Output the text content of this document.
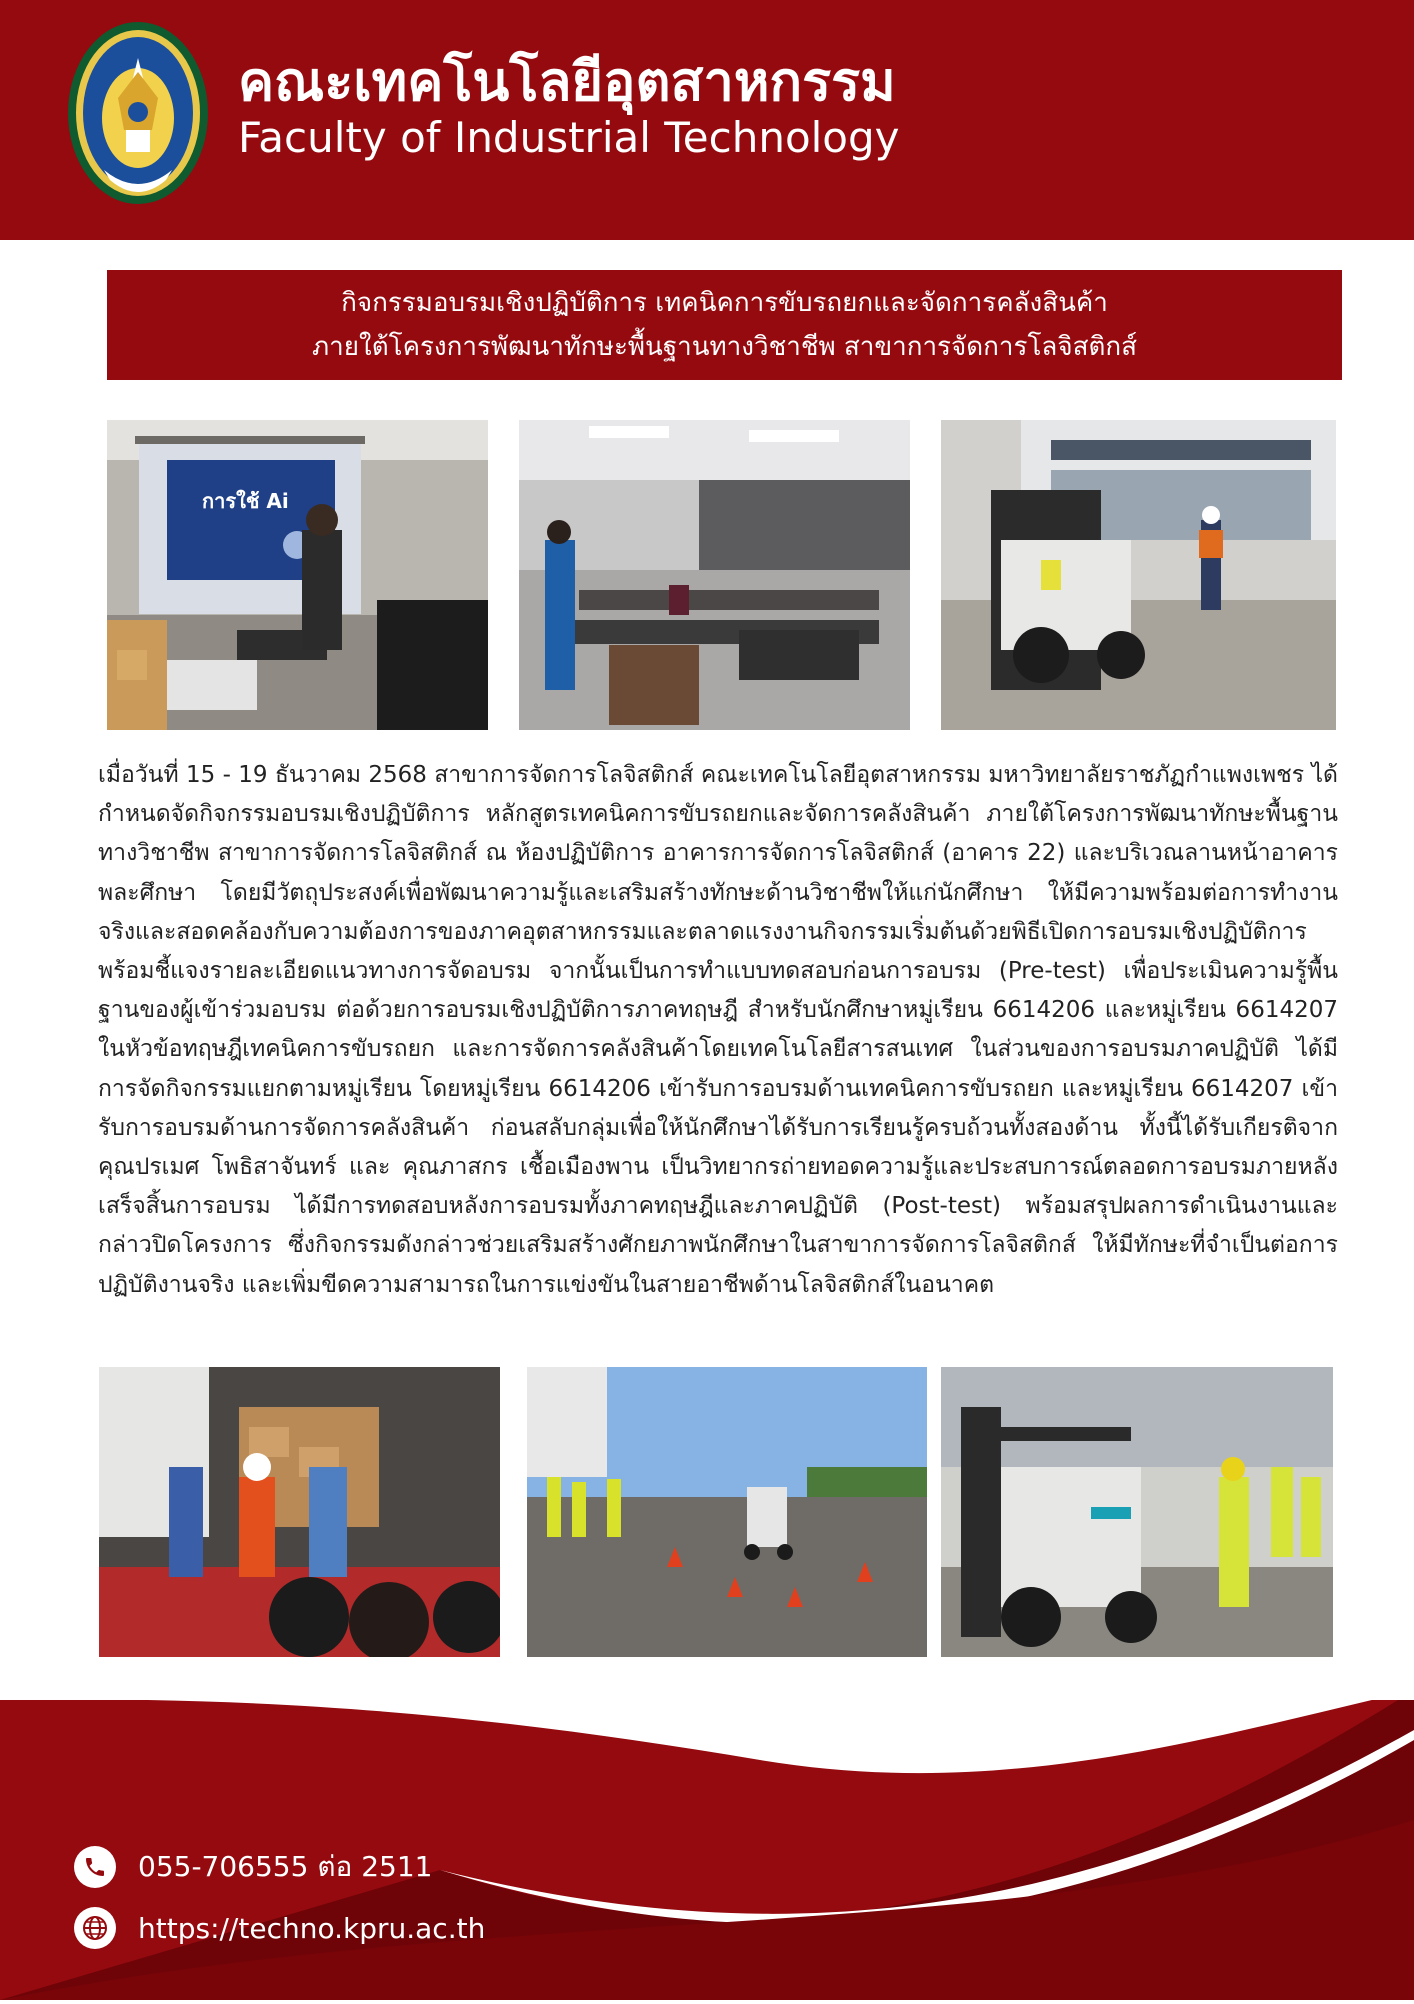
คณะเทคโนโลยีอุตสาหกรรม
Faculty of Industrial Technology
กิจกรรมอบรมเชิงปฏิบัติการ เทคนิคการขับรถยกและจัดการคลังสินค้า
ภายใต้โครงการพัฒนาทักษะพื้นฐานทางวิชาชีพ สาขาการจัดการโลจิสติกส์
การใช้ Ai
เมื่อวันที่ 15 - 19 ธันวาคม 2568 สาขาการจัดการโลจิสติกส์ คณะเทคโนโลยีอุตสาหกรรม มหาวิทยาลัยราชภัฏกำแพงเพชร ได้กำหนดจัดกิจกรรมอบรมเชิงปฏิบัติการ หลักสูตรเทคนิคการขับรถยกและจัดการคลังสินค้า ภายใต้โครงการพัฒนาทักษะพื้นฐานทางวิชาชีพ สาขาการจัดการโลจิสติกส์ ณ ห้องปฏิบัติการ อาคารการจัดการโลจิสติกส์ (อาคาร 22) และบริเวณลานหน้าอาคารพละศึกษา โดยมีวัตถุประสงค์เพื่อพัฒนาความรู้และเสริมสร้างทักษะด้านวิชาชีพให้แก่นักศึกษา ให้มีความพร้อมต่อการทำงานจริงและสอดคล้องกับความต้องการของภาคอุตสาหกรรมและตลาดแรงงานกิจกรรมเริ่มต้นด้วยพิธีเปิดการอบรมเชิงปฏิบัติการ พร้อมชี้แจงรายละเอียดแนวทางการจัดอบรม จากนั้นเป็นการทำแบบทดสอบก่อนการอบรม (Pre-test) เพื่อประเมินความรู้พื้นฐานของผู้เข้าร่วมอบรม ต่อด้วยการอบรมเชิงปฏิบัติการภาคทฤษฎี สำหรับนักศึกษาหมู่เรียน 6614206 และหมู่เรียน 6614207 ในหัวข้อทฤษฎีเทคนิคการขับรถยก และการจัดการคลังสินค้าโดยเทคโนโลยีสารสนเทศ ในส่วนของการอบรมภาคปฏิบัติ ได้มีการจัดกิจกรรมแยกตามหมู่เรียน โดยหมู่เรียน 6614206 เข้ารับการอบรมด้านเทคนิคการขับรถยก และหมู่เรียน 6614207 เข้ารับการอบรมด้านการจัดการคลังสินค้า ก่อนสลับกลุ่มเพื่อให้นักศึกษาได้รับการเรียนรู้ครบถ้วนทั้งสองด้าน ทั้งนี้ได้รับเกียรติจาก คุณปรเมศ โพธิสาจันทร์ และ คุณภาสกร เชื้อเมืองพาน เป็นวิทยากรถ่ายทอดความรู้และประสบการณ์ตลอดการอบรมภายหลังเสร็จสิ้นการอบรม ได้มีการทดสอบหลังการอบรมทั้งภาคทฤษฎีและภาคปฏิบัติ (Post-test) พร้อมสรุปผลการดำเนินงานและกล่าวปิดโครงการ ซึ่งกิจกรรมดังกล่าวช่วยเสริมสร้างศักยภาพนักศึกษาในสาขาการจัดการโลจิสติกส์ ให้มีทักษะที่จำเป็นต่อการปฏิบัติงานจริง และเพิ่มขีดความสามารถในการแข่งขันในสายอาชีพด้านโลจิสติกส์ในอนาคต
055-706555 ต่อ 2511
https://techno.kpru.ac.th
